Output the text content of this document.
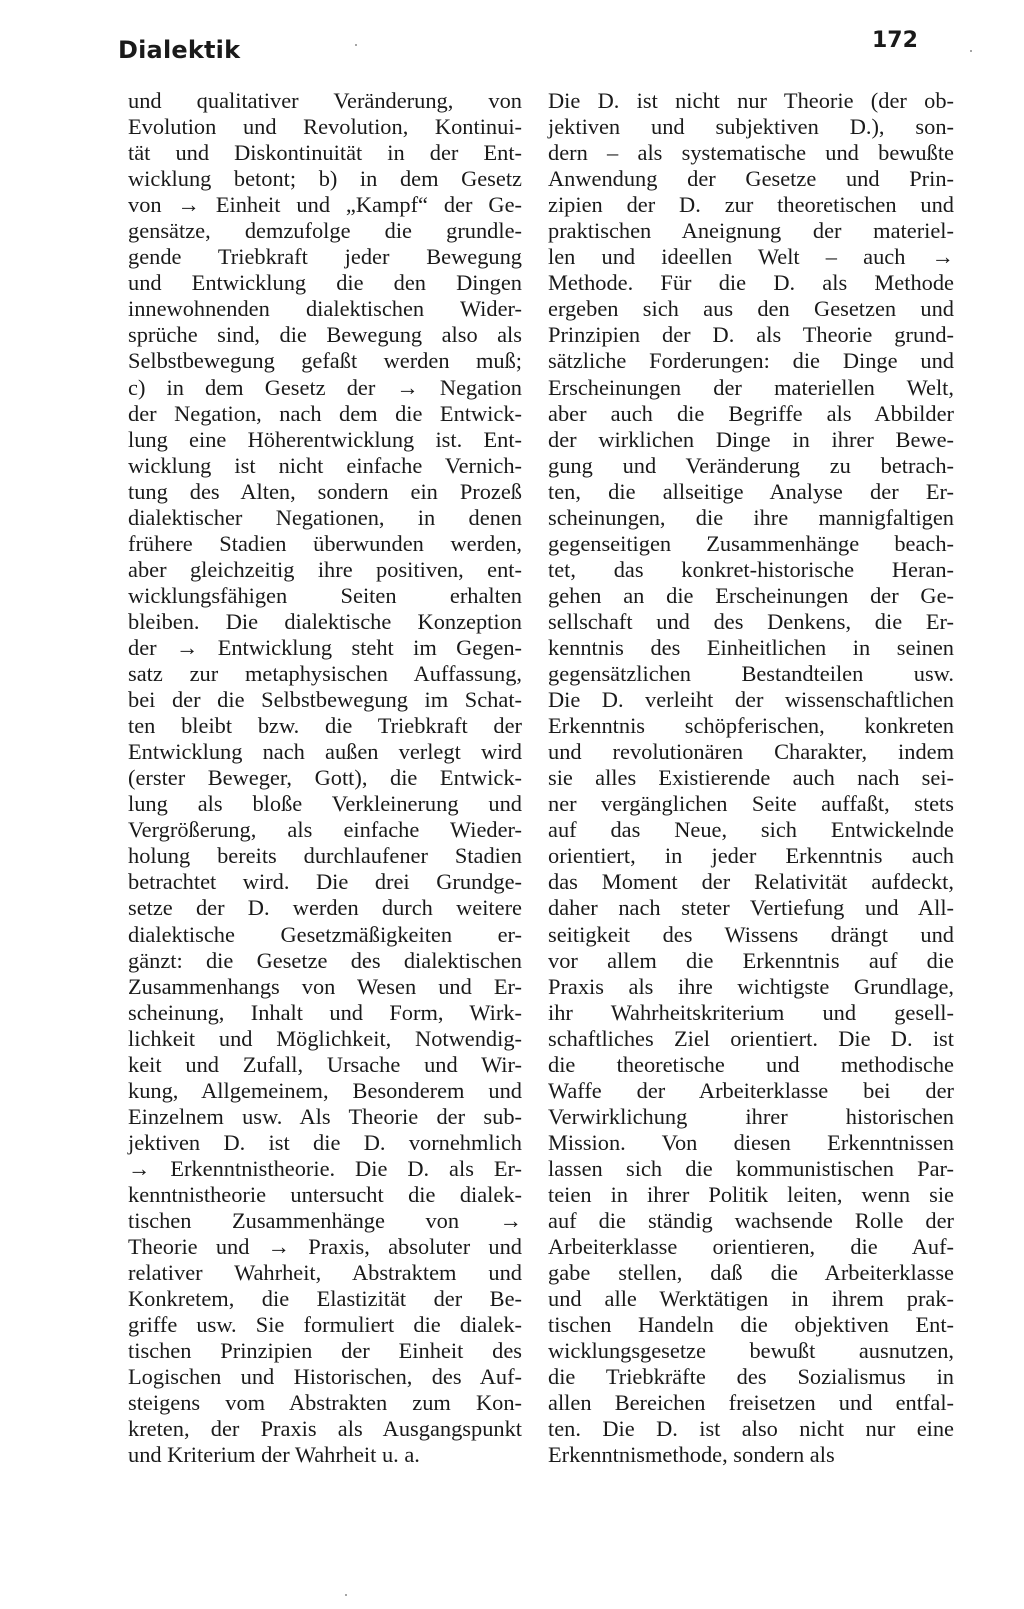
Dialektik	172
und qualitativer Veränderung, von
Evolution und Revolution, Kontinui-
tät und Diskontinuität in der Ent-
wicklung betont; b) in dem Gesetz
von → Einheit und „Kampf“ der Ge-
gensätze, demzufolge die grundle-
gende Triebkraft jeder Bewegung
und Entwicklung die den Dingen
innewohnenden dialektischen Wider-
sprüche sind, die Bewegung also als
Selbstbewegung gefaßt werden muß;
c) in dem Gesetz der → Negation
der Negation, nach dem die Entwick-
lung eine Höherentwicklung ist. Ent-
wicklung ist nicht einfache Vernich-
tung des Alten, sondern ein Prozeß
dialektischer Negationen, in denen
frühere Stadien überwunden werden,
aber gleichzeitig ihre positiven, ent-
wicklungsfähigen Seiten erhalten
bleiben. Die dialektische Konzeption
der → Entwicklung steht im Gegen-
satz zur metaphysischen Auffassung,
bei der die Selbstbewegung im Schat-
ten bleibt bzw. die Triebkraft der
Entwicklung nach außen verlegt wird
(erster Beweger, Gott), die Entwick-
lung als bloße Verkleinerung und
Vergrößerung, als einfache Wieder-
holung bereits durchlaufener Stadien
betrachtet wird. Die drei Grundge-
setze der D. werden durch weitere
dialektische Gesetzmäßigkeiten er-
gänzt: die Gesetze des dialektischen
Zusammenhangs von Wesen und Er-
scheinung, Inhalt und Form, Wirk-
lichkeit und Möglichkeit, Notwendig-
keit und Zufall, Ursache und Wir-
kung, Allgemeinem, Besonderem und
Einzelnem usw. Als Theorie der sub-
jektiven D. ist die D. vornehmlich
→ Erkenntnistheorie. Die D. als Er-
kenntnistheorie untersucht die dialek-
tischen Zusammenhänge von →
Theorie und → Praxis, absoluter und
relativer Wahrheit, Abstraktem und
Konkretem, die Elastizität der Be-
griffe usw. Sie formuliert die dialek-
tischen Prinzipien der Einheit des
Logischen und Historischen, des Auf-
steigens vom Abstrakten zum Kon-
kreten, der Praxis als Ausgangspunkt
und Kriterium der Wahrheit u. a.
Die D. ist nicht nur Theorie (der ob-
jektiven und subjektiven D.), son-
dern – als systematische und bewußte
Anwendung der Gesetze und Prin-
zipien der D. zur theoretischen und
praktischen Aneignung der materiel-
len und ideellen Welt – auch →
Methode. Für die D. als Methode
ergeben sich aus den Gesetzen und
Prinzipien der D. als Theorie grund-
sätzliche Forderungen: die Dinge und
Erscheinungen der materiellen Welt,
aber auch die Begriffe als Abbilder
der wirklichen Dinge in ihrer Bewe-
gung und Veränderung zu betrach-
ten, die allseitige Analyse der Er-
scheinungen, die ihre mannigfaltigen
gegenseitigen Zusammenhänge beach-
tet, das konkret-historische Heran-
gehen an die Erscheinungen der Ge-
sellschaft und des Denkens, die Er-
kenntnis des Einheitlichen in seinen
gegensätzlichen Bestandteilen usw.
Die D. verleiht der wissenschaftlichen
Erkenntnis schöpferischen, konkreten
und revolutionären Charakter, indem
sie alles Existierende auch nach sei-
ner vergänglichen Seite auffaßt, stets
auf das Neue, sich Entwickelnde
orientiert, in jeder Erkenntnis auch
das Moment der Relativität aufdeckt,
daher nach steter Vertiefung und All-
seitigkeit des Wissens drängt und
vor allem die Erkenntnis auf die
Praxis als ihre wichtigste Grundlage,
ihr Wahrheitskriterium und gesell-
schaftliches Ziel orientiert. Die D. ist
die theoretische und methodische
Waffe der Arbeiterklasse bei der
Verwirklichung ihrer historischen
Mission. Von diesen Erkenntnissen
lassen sich die kommunistischen Par-
teien in ihrer Politik leiten, wenn sie
auf die ständig wachsende Rolle der
Arbeiterklasse orientieren, die Auf-
gabe stellen, daß die Arbeiterklasse
und alle Werktätigen in ihrem prak-
tischen Handeln die objektiven Ent-
wicklungsgesetze bewußt ausnutzen,
die Triebkräfte des Sozialismus in
allen Bereichen freisetzen und entfal-
ten. Die D. ist also nicht nur eine
Erkenntnismethode, sondern als
